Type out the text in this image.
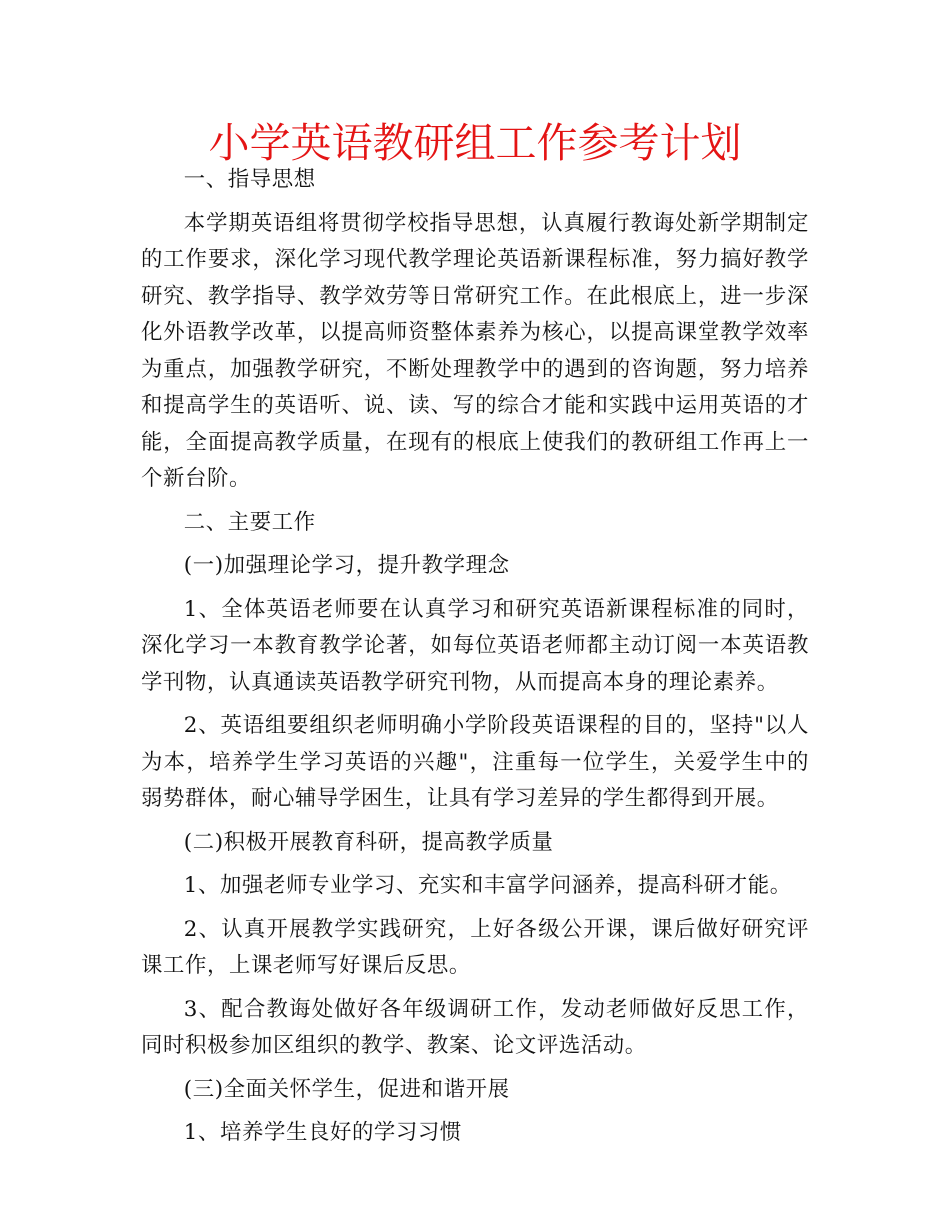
小学英语教研组工作参考计划

一、指导思想

本学期英语组将贯彻学校指导思想，认真履行教诲处新学期制定的工作要求，深化学习现代教学理论英语新课程标准，努力搞好教学研究、教学指导、教学效劳等日常研究工作。在此根底上，进一步深化外语教学改革，以提高师资整体素养为核心，以提高课堂教学效率为重点，加强教学研究，不断处理教学中的遇到的咨询题，努力培养和提高学生的英语听、说、读、写的综合才能和实践中运用英语的才能，全面提高教学质量，在现有的根底上使我们的教研组工作再上一个新台阶。

二、主要工作

(一)加强理论学习，提升教学理念

1、全体英语老师要在认真学习和研究英语新课程标准的同时，深化学习一本教育教学论著，如每位英语老师都主动订阅一本英语教学刊物，认真通读英语教学研究刊物，从而提高本身的理论素养。

2、英语组要组织老师明确小学阶段英语课程的目的，坚持"以人为本，培养学生学习英语的兴趣"，注重每一位学生，关爱学生中的弱势群体，耐心辅导学困生，让具有学习差异的学生都得到开展。

(二)积极开展教育科研，提高教学质量

1、加强老师专业学习、充实和丰富学问涵养，提高科研才能。

2、认真开展教学实践研究，上好各级公开课，课后做好研究评课工作，上课老师写好课后反思。

3、配合教诲处做好各年级调研工作，发动老师做好反思工作，同时积极参加区组织的教学、教案、论文评选活动。

(三)全面关怀学生，促进和谐开展

1、培养学生良好的学习习惯
